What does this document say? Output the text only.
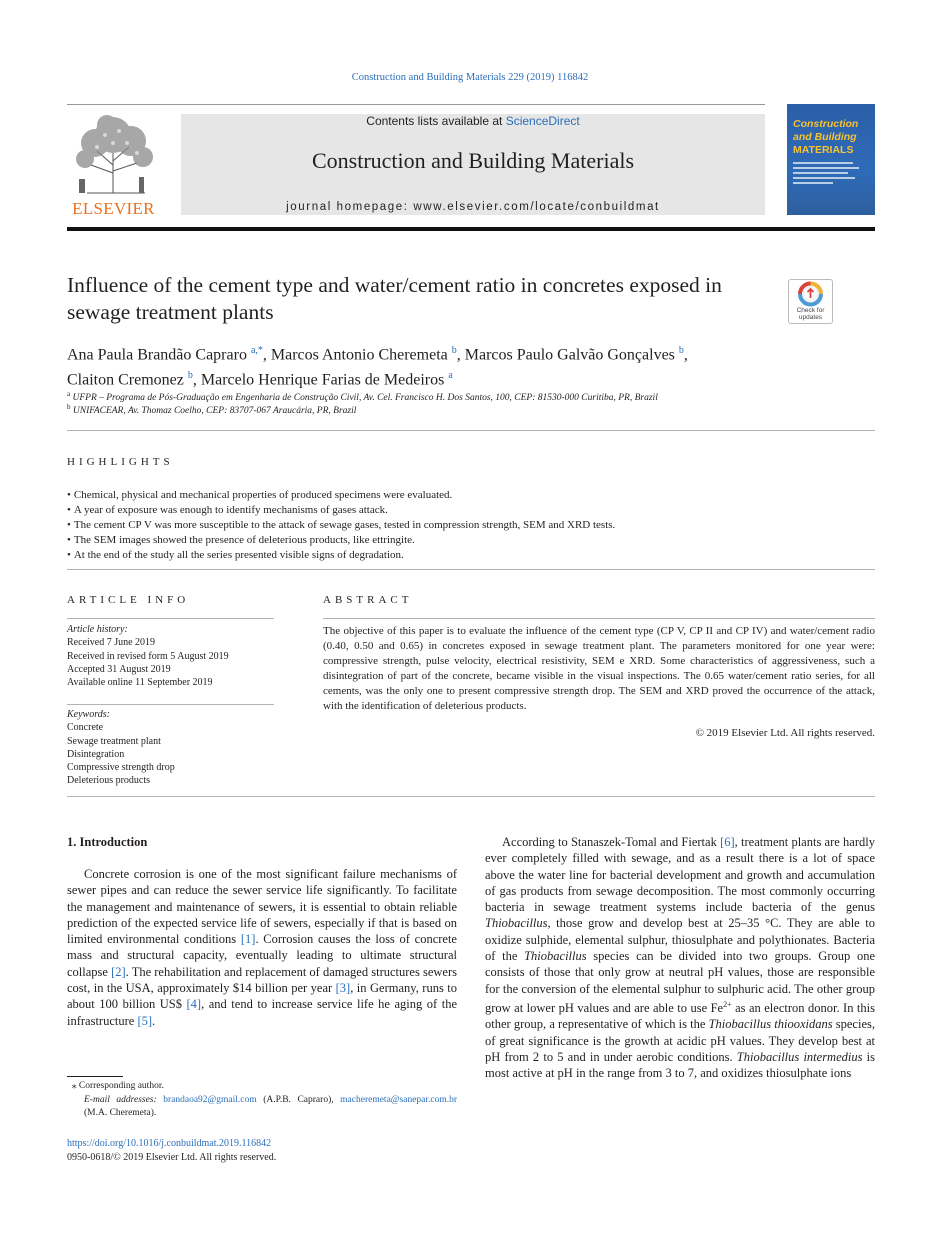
Construction and Building Materials 229 (2019) 116842
ELSEVIER
Contents lists available at ScienceDirect
Construction and Building Materials
journal homepage: www.elsevier.com/locate/conbuildmat
Construction
and Building
MATERIALS
Influence of the cement type and water/cement ratio in concretes exposed in sewage treatment plants	Check for updates
Ana Paula Brandão Capraro $^{a,*}$, Marcos Antonio Cheremeta $^b$, Marcos Paulo Galvão Gonçalves $^b$,
Claiton Cremonez $^b$, Marcelo Henrique Farias de Medeiros $^a$
$^a$ UFPR – Programa de Pós-Graduação em Engenharia de Construção Civil, Av. Cel. Francisco H. Dos Santos, 100, CEP: 81530-000 Curitiba, PR, Brazil
$^b$ UNIFACEAR, Av. Thomaz Coelho, CEP: 83707-067 Araucária, PR, Brazil
HIGHLIGHTS
• Chemical, physical and mechanical properties of produced specimens were evaluated.
• A year of exposure was enough to identify mechanisms of gases attack.
• The cement CP V was more susceptible to the attack of sewage gases, tested in compression strength, SEM and XRD tests.
• The SEM images showed the presence of deleterious products, like ettringite.
• At the end of the study all the series presented visible signs of degradation.
ARTICLE INFO
Article history:
Received 7 June 2019
Received in revised form 5 August 2019
Accepted 31 August 2019
Available online 11 September 2019
Keywords:
Concrete
Sewage treatment plant
Disintegration
Compressive strength drop
Deleterious products
ABSTRACT
The objective of this paper is to evaluate the influence of the cement type (CP V, CP II and CP IV) and water/cement radio (0.40, 0.50 and 0.65) in concretes exposed in sewage treatment plant. The parameters monitored for one year were: compressive strength, pulse velocity, electrical resistivity, SEM e XRD. Some characteristics of aggressiveness, such a disintegration of part of the concrete, became visible in the visual inspections. The 0.65 water/cement ratio series, for all cements, was the only one to present compressive strength drop. The SEM and XRD proved the occurrence of the attack, with the identification of deleterious products.
© 2019 Elsevier Ltd. All rights reserved.
1. Introduction

Concrete corrosion is one of the most significant failure mechanisms of sewer pipes and can reduce the sewer service life significantly. To facilitate the management and maintenance of sewers, it is essential to obtain reliable prediction of the expected service life of sewers, especially if that is based on limited environmental conditions [1]. Corrosion causes the loss of concrete mass and structural capacity, eventually leading to ultimate structural collapse [2]. The rehabilitation and replacement of damaged structures sewers cost, in the USA, approximately $14 billion per year [3], in Germany, runs to about 100 billion US$ [4], and tend to increase service life he aging of the infrastructure [5].

According to Stanaszek-Tomal and Fiertak [6], treatment plants are hardly ever completely filled with sewage, and as a result there is a lot of space above the water line for bacterial development and growth and accumulation of gas products from sewage decomposition. The most commonly occurring bacteria in sewage treatment systems include bacteria of the genus Thiobacillus, those grow and develop best at 25–35 °C. They are able to oxidize sulphide, elemental sulphur, thiosulphate and polythionates. Bacteria of the Thiobacillus species can be divided into two groups. Group one consists of those that only grow at neutral pH values, those are responsible for the conversion of the elemental sulphur to sulphuric acid. The other group grow at lower pH values and are able to use $Fe^{2+}$ as an electron donor. In this other group, a representative of which is the Thiobacillus thiooxidans species, of great significance is the growth at acidic pH values. They develop best at pH from 2 to 5 and in under aerobic conditions. Thiobacillus intermedius is most active at pH in the range from 3 to 7, and oxidizes thiosulphate ions

⁎ Corresponding author.
E-mail addresses: brandaoa92@gmail.com (A.P.B. Capraro), macheremeta@sanepar.com.br (M.A. Cheremeta).
https://doi.org/10.1016/j.conbuildmat.2019.116842
0950-0618/© 2019 Elsevier Ltd. All rights reserved.
